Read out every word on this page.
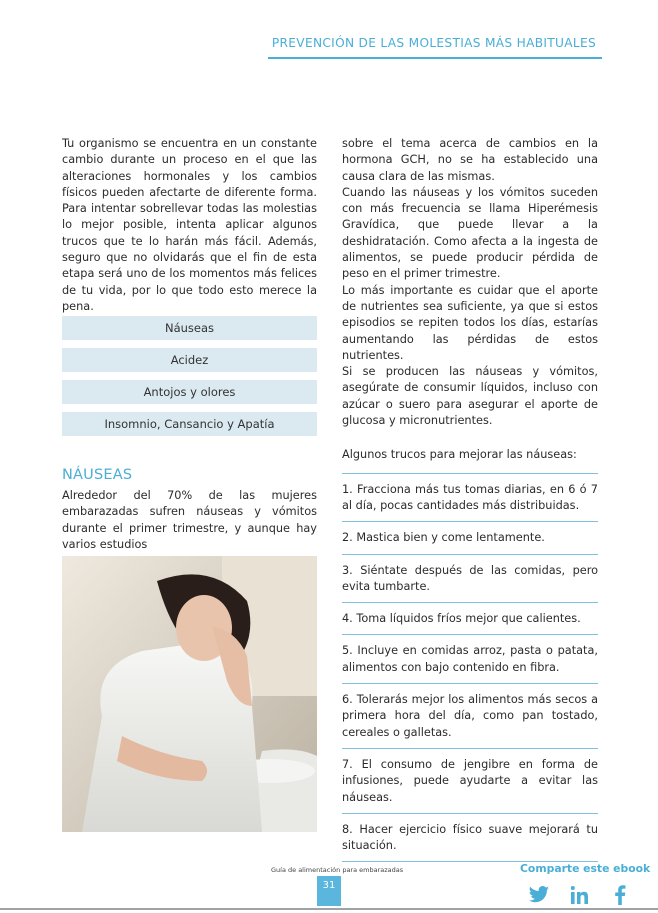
PREVENCIÓN DE LAS MOLESTIAS MÁS HABITUALES

Tu organismo se encuentra en un constante cambio durante un proceso en el que las alteraciones hormonales y los cambios físicos pueden afectarte de diferente forma. Para intentar sobrellevar todas las molestias lo mejor posible, intenta aplicar algunos trucos que te lo harán más fácil. Además, seguro que no olvidarás que el fin de esta etapa será uno de los momentos más felices de tu vida, por lo que todo esto merece la pena.

Náuseas
Acidez
Antojos y olores
Insomnio, Cansancio y Apatía
NÁUSEAS

Alrededor del 70% de las mujeres embarazadas sufren náuseas y vómitos durante el primer trimestre, y aunque hay varios estudios

sobre el tema acerca de cambios en la hormona GCH, no se ha establecido una causa clara de las mismas.

Cuando las náuseas y los vómitos suceden con más frecuencia se llama Hiperémesis Gravídica, que puede llevar a la deshidratación. Como afecta a la ingesta de alimentos, se puede producir pérdida de peso en el primer trimestre.

Lo más importante es cuidar que el aporte de nutrientes sea suficiente, ya que si estos episodios se repiten todos los días, estarías aumentando las pérdidas de estos nutrientes.

Si se producen las náuseas y vómitos, asegúrate de consumir líquidos, incluso con azúcar o suero para asegurar el aporte de glucosa y micronutrientes.

Algunos trucos para mejorar las náuseas:

1. Fracciona más tus tomas diarias, en 6 ó 7 al día, pocas cantidades más distribuidas.
2. Mastica bien y come lentamente.
3. Siéntate después de las comidas, pero evita tumbarte.
4. Toma líquidos fríos mejor que calientes.
5. Incluye en comidas arroz, pasta o patata, alimentos con bajo contenido en fibra.
6. Tolerarás mejor los alimentos más secos a primera hora del día, como pan tostado, cereales o galletas.
7. El consumo de jengibre en forma de infusiones, puede ayudarte a evitar las náuseas.
8. Hacer ejercicio físico suave mejorará tu situación.
Guía de alimentación para embarazadas
31
Comparte este ebook
